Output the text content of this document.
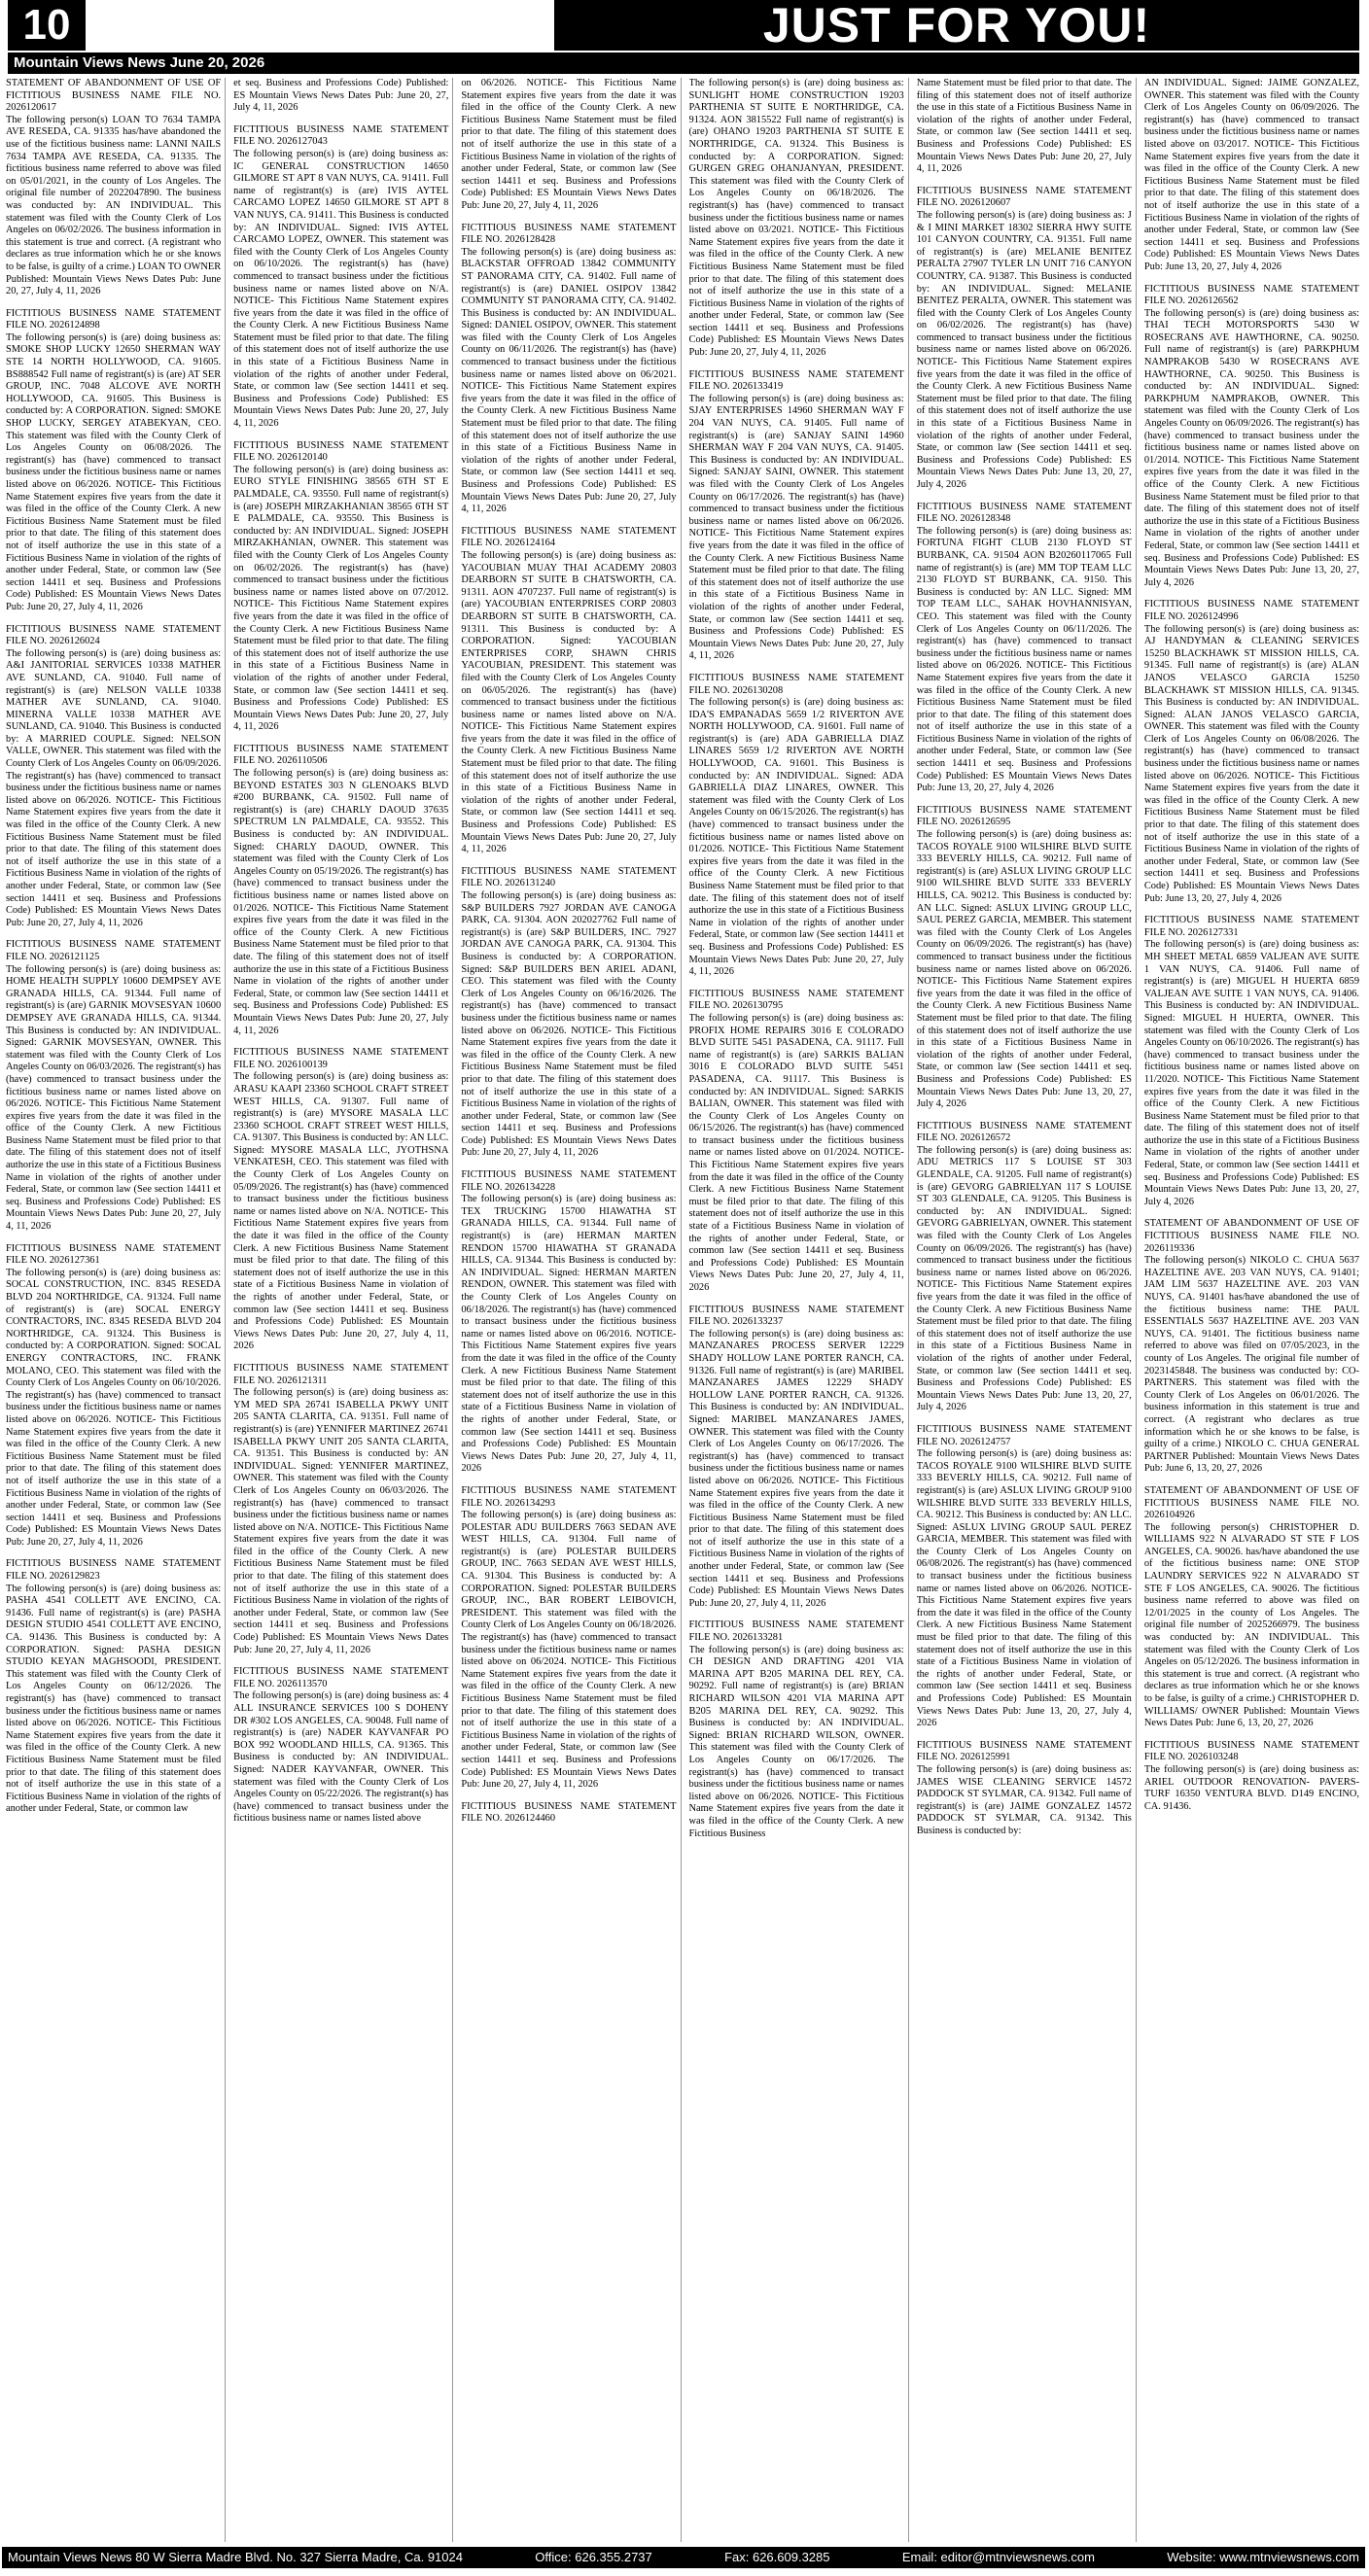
10	JUST FOR YOU!
Mountain Views News June 20, 2026
STATEMENT OF ABANDONMENT OF USE OF FICTITIOUS BUSINESS NAME FILE NO. 2026120617
The following person(s) LOAN TO 7634 TAMPA AVE RESEDA, CA. 91335 has/have abandoned the use of the fictitious business name: LANNI NAILS 7634 TAMPA AVE RESEDA, CA. 91335. The fictitious business name referred to above was filed on 05/01/2021, in the county of Los Angeles. The original file number of 2022047890. The business was conducted by: AN INDIVIDUAL. This statement was filed with the County Clerk of Los Angeles on 06/02/2026. The business information in this statement is true and correct. (A registrant who declares as true information which he or she knows to be false, is guilty of a crime.) LOAN TO OWNER Published: Mountain Views News Dates Pub: June 20, 27, July 4, 11, 2026
FICTITIOUS BUSINESS NAME STATEMENT FILE NO. 2026124898
The following person(s) is (are) doing business as: SMOKE SHOP LUCKY 12650 SHERMAN WAY STE 14 NORTH HOLLYWOOD, CA. 91605. BS888542 Full name of registrant(s) is (are) AT SER GROUP, INC. 7048 ALCOVE AVE NORTH HOLLYWOOD, CA. 91605. This Business is conducted by: A CORPORATION. Signed: SMOKE SHOP LUCKY, SERGEY ATABEKYAN, CEO. This statement was filed with the County Clerk of Los Angeles County on 06/08/2026. The registrant(s) has (have) commenced to transact business under the fictitious business name or names listed above on 06/2026. NOTICE- This Fictitious Name Statement expires five years from the date it was filed in the office of the County Clerk. A new Fictitious Business Name Statement must be filed prior to that date. The filing of this statement does not of itself authorize the use in this state of a Fictitious Business Name in violation of the rights of another under Federal, State, or common law (See section 14411 et seq. Business and Professions Code) Published: ES Mountain Views News Dates Pub: June 20, 27, July 4, 11, 2026
FICTITIOUS BUSINESS NAME STATEMENT FILE NO. 2026126024
The following person(s) is (are) doing business as: A&I JANITORIAL SERVICES 10338 MATHER AVE SUNLAND, CA. 91040. Full name of registrant(s) is (are) NELSON VALLE 10338 MATHER AVE SUNLAND, CA. 91040. MINERNA VALLE 10338 MATHER AVE SUNLAND, CA. 91040. This Business is conducted by: A MARRIED COUPLE. Signed: NELSON VALLE, OWNER. This statement was filed with the County Clerk of Los Angeles County on 06/09/2026. The registrant(s) has (have) commenced to transact business under the fictitious business name or names listed above on 06/2026. NOTICE- This Fictitious Name Statement expires five years from the date it was filed in the office of the County Clerk. A new Fictitious Business Name Statement must be filed prior to that date. The filing of this statement does not of itself authorize the use in this state of a Fictitious Business Name in violation of the rights of another under Federal, State, or common law (See section 14411 et seq. Business and Professions Code) Published: ES Mountain Views News Dates Pub: June 20, 27, July 4, 11, 2026
FICTITIOUS BUSINESS NAME STATEMENT FILE NO. 2026121125
The following person(s) is (are) doing business as: HOME HEALTH SUPPLY 10600 DEMPSEY AVE GRANADA HILLS, CA. 91344. Full name of registrant(s) is (are) GARNIK MOVSESYAN 10600 DEMPSEY AVE GRANADA HILLS, CA. 91344. This Business is conducted by: AN INDIVIDUAL. Signed: GARNIK MOVSESYAN, OWNER. This statement was filed with the County Clerk of Los Angeles County on 06/03/2026. The registrant(s) has (have) commenced to transact business under the fictitious business name or names listed above on 06/2026. NOTICE- This Fictitious Name Statement expires five years from the date it was filed in the office of the County Clerk. A new Fictitious Business Name Statement must be filed prior to that date. The filing of this statement does not of itself authorize the use in this state of a Fictitious Business Name in violation of the rights of another under Federal, State, or common law (See section 14411 et seq. Business and Professions Code) Published: ES Mountain Views News Dates Pub: June 20, 27, July 4, 11, 2026
FICTITIOUS BUSINESS NAME STATEMENT FILE NO. 2026127361
The following person(s) is (are) doing business as: SOCAL CONSTRUCTION, INC. 8345 RESEDA BLVD 204 NORTHRIDGE, CA. 91324. Full name of registrant(s) is (are) SOCAL ENERGY CONTRACTORS, INC. 8345 RESEDA BLVD 204 NORTHRIDGE, CA. 91324. This Business is conducted by: A CORPORATION. Signed: SOCAL ENERGY CONTRACTORS, INC. FRANK MOLANO, CEO. This statement was filed with the County Clerk of Los Angeles County on 06/10/2026. The registrant(s) has (have) commenced to transact business under the fictitious business name or names listed above on 06/2026. NOTICE- This Fictitious Name Statement expires five years from the date it was filed in the office of the County Clerk. A new Fictitious Business Name Statement must be filed prior to that date. The filing of this statement does not of itself authorize the use in this state of a Fictitious Business Name in violation of the rights of another under Federal, State, or common law (See section 14411 et seq. Business and Professions Code) Published: ES Mountain Views News Dates Pub: June 20, 27, July 4, 11, 2026
FICTITIOUS BUSINESS NAME STATEMENT FILE NO. 2026129823
The following person(s) is (are) doing business as: PASHA 4541 COLLETT AVE ENCINO, CA. 91436. Full name of registrant(s) is (are) PASHA DESIGN STUDIO 4541 COLLETT AVE ENCINO, CA. 91436. This Business is conducted by: A CORPORATION. Signed: PASHA DESIGN STUDIO KEYAN MAGHSOODI, PRESIDENT. This statement was filed with the County Clerk of Los Angeles County on 06/12/2026. The registrant(s) has (have) commenced to transact business under the fictitious business name or names listed above on 06/2026. NOTICE- This Fictitious Name Statement expires five years from the date it was filed in the office of the County Clerk. A new Fictitious Business Name Statement must be filed prior to that date. The filing of this statement does not of itself authorize the use in this state of a Fictitious Business Name in violation of the rights of another under Federal, State, or common law
et seq. Business and Professions Code) Published: ES Mountain Views News Dates Pub: June 20, 27, July 4, 11, 2026
FICTITIOUS BUSINESS NAME STATEMENT FILE NO. 2026127043
The following person(s) is (are) doing business as: IC GENERAL CONSTRUCTION 14650 GILMORE ST APT 8 VAN NUYS, CA. 91411. Full name of registrant(s) is (are) IVIS AYTEL CARCAMO LOPEZ 14650 GILMORE ST APT 8 VAN NUYS, CA. 91411. This Business is conducted by: AN INDIVIDUAL. Signed: IVIS AYTEL CARCAMO LOPEZ, OWNER. This statement was filed with the County Clerk of Los Angeles County on 06/10/2026. The registrant(s) has (have) commenced to transact business under the fictitious business name or names listed above on N/A. NOTICE- This Fictitious Name Statement expires five years from the date it was filed in the office of the County Clerk. A new Fictitious Business Name Statement must be filed prior to that date. The filing of this statement does not of itself authorize the use in this state of a Fictitious Business Name in violation of the rights of another under Federal, State, or common law (See section 14411 et seq. Business and Professions Code) Published: ES Mountain Views News Dates Pub: June 20, 27, July 4, 11, 2026
FICTITIOUS BUSINESS NAME STATEMENT FILE NO. 2026120140
The following person(s) is (are) doing business as: EURO STYLE FINISHING 38565 6TH ST E PALMDALE, CA. 93550. Full name of registrant(s) is (are) JOSEPH MIRZAKHANIAN 38565 6TH ST E PALMDALE, CA. 93550. This Business is conducted by: AN INDIVIDUAL. Signed: JOSEPH MIRZAKHANIAN, OWNER. This statement was filed with the County Clerk of Los Angeles County on 06/02/2026. The registrant(s) has (have) commenced to transact business under the fictitious business name or names listed above on 07/2012. NOTICE- This Fictitious Name Statement expires five years from the date it was filed in the office of the County Clerk. A new Fictitious Business Name Statement must be filed prior to that date. The filing of this statement does not of itself authorize the use in this state of a Fictitious Business Name in violation of the rights of another under Federal, State, or common law (See section 14411 et seq. Business and Professions Code) Published: ES Mountain Views News Dates Pub: June 20, 27, July 4, 11, 2026
FICTITIOUS BUSINESS NAME STATEMENT FILE NO. 2026110506
The following person(s) is (are) doing business as: BEYOND ESTATES 303 N GLENOAKS BLVD #200 BURBANK, CA. 91502. Full name of registrant(s) is (are) CHARLY DAOUD 37635 SPECTRUM LN PALMDALE, CA. 93552. This Business is conducted by: AN INDIVIDUAL. Signed: CHARLY DAOUD, OWNER. This statement was filed with the County Clerk of Los Angeles County on 05/19/2026. The registrant(s) has (have) commenced to transact business under the fictitious business name or names listed above on 01/2026. NOTICE- This Fictitious Name Statement expires five years from the date it was filed in the office of the County Clerk. A new Fictitious Business Name Statement must be filed prior to that date. The filing of this statement does not of itself authorize the use in this state of a Fictitious Business Name in violation of the rights of another under Federal, State, or common law (See section 14411 et seq. Business and Professions Code) Published: ES Mountain Views News Dates Pub: June 20, 27, July 4, 11, 2026
FICTITIOUS BUSINESS NAME STATEMENT FILE NO. 2026100139
The following person(s) is (are) doing business as: ARASU KAAPI 23360 SCHOOL CRAFT STREET WEST HILLS, CA. 91307. Full name of registrant(s) is (are) MYSORE MASALA LLC 23360 SCHOOL CRAFT STREET WEST HILLS, CA. 91307. This Business is conducted by: AN LLC. Signed: MYSORE MASALA LLC, JYOTHSNA VENKATESH, CEO. This statement was filed with the County Clerk of Los Angeles County on 05/09/2026. The registrant(s) has (have) commenced to transact business under the fictitious business name or names listed above on N/A. NOTICE- This Fictitious Name Statement expires five years from the date it was filed in the office of the County Clerk. A new Fictitious Business Name Statement must be filed prior to that date. The filing of this statement does not of itself authorize the use in this state of a Fictitious Business Name in violation of the rights of another under Federal, State, or common law (See section 14411 et seq. Business and Professions Code) Published: ES Mountain Views News Dates Pub: June 20, 27, July 4, 11, 2026
FICTITIOUS BUSINESS NAME STATEMENT FILE NO. 2026121311
The following person(s) is (are) doing business as: YM MED SPA 26741 ISABELLA PKWY UNIT 205 SANTA CLARITA, CA. 91351. Full name of registrant(s) is (are) YENNIFER MARTINEZ 26741 ISABELLA PKWY UNIT 205 SANTA CLARITA, CA. 91351. This Business is conducted by: AN INDIVIDUAL. Signed: YENNIFER MARTINEZ, OWNER. This statement was filed with the County Clerk of Los Angeles County on 06/03/2026. The registrant(s) has (have) commenced to transact business under the fictitious business name or names listed above on N/A. NOTICE- This Fictitious Name Statement expires five years from the date it was filed in the office of the County Clerk. A new Fictitious Business Name Statement must be filed prior to that date. The filing of this statement does not of itself authorize the use in this state of a Fictitious Business Name in violation of the rights of another under Federal, State, or common law (See section 14411 et seq. Business and Professions Code) Published: ES Mountain Views News Dates Pub: June 20, 27, July 4, 11, 2026
FICTITIOUS BUSINESS NAME STATEMENT FILE NO. 2026113570
The following person(s) is (are) doing business as: 4 ALL INSURANCE SERVICES 100 S DOHENY DR #302 LOS ANGELES, CA. 90048. Full name of registrant(s) is (are) NADER KAYVANFAR PO BOX 992 WOODLAND HILLS, CA. 91365. This Business is conducted by: AN INDIVIDUAL. Signed: NADER KAYVANFAR, OWNER. This statement was filed with the County Clerk of Los Angeles County on 05/22/2026. The registrant(s) has (have) commenced to transact business under the fictitious business name or names listed above
on 06/2026. NOTICE- This Fictitious Name Statement expires five years from the date it was filed in the office of the County Clerk. A new Fictitious Business Name Statement must be filed prior to that date. The filing of this statement does not of itself authorize the use in this state of a Fictitious Business Name in violation of the rights of another under Federal, State, or common law (See section 14411 et seq. Business and Professions Code) Published: ES Mountain Views News Dates Pub: June 20, 27, July 4, 11, 2026
FICTITIOUS BUSINESS NAME STATEMENT FILE NO. 2026128428
The following person(s) is (are) doing business as: BLACKSTAR OFFROAD 13842 COMMUNITY ST PANORAMA CITY, CA. 91402. Full name of registrant(s) is (are) DANIEL OSIPOV 13842 COMMUNITY ST PANORAMA CITY, CA. 91402. This Business is conducted by: AN INDIVIDUAL. Signed: DANIEL OSIPOV, OWNER. This statement was filed with the County Clerk of Los Angeles County on 06/11/2026. The registrant(s) has (have) commenced to transact business under the fictitious business name or names listed above on 06/2021. NOTICE- This Fictitious Name Statement expires five years from the date it was filed in the office of the County Clerk. A new Fictitious Business Name Statement must be filed prior to that date. The filing of this statement does not of itself authorize the use in this state of a Fictitious Business Name in violation of the rights of another under Federal, State, or common law (See section 14411 et seq. Business and Professions Code) Published: ES Mountain Views News Dates Pub: June 20, 27, July 4, 11, 2026
FICTITIOUS BUSINESS NAME STATEMENT FILE NO. 2026124164
The following person(s) is (are) doing business as: YACOUBIAN MUAY THAI ACADEMY 20803 DEARBORN ST SUITE B CHATSWORTH, CA. 91311. AON 4707237. Full name of registrant(s) is (are) YACOUBIAN ENTERPRISES CORP 20803 DEARBORN ST SUITE B CHATSWORTH, CA. 91311. This Business is conducted by: A CORPORATION. Signed: YACOUBIAN ENTERPRISES CORP, SHAWN CHRIS YACOUBIAN, PRESIDENT. This statement was filed with the County Clerk of Los Angeles County on 06/05/2026. The registrant(s) has (have) commenced to transact business under the fictitious business name or names listed above on N/A. NOTICE- This Fictitious Name Statement expires five years from the date it was filed in the office of the County Clerk. A new Fictitious Business Name Statement must be filed prior to that date. The filing of this statement does not of itself authorize the use in this state of a Fictitious Business Name in violation of the rights of another under Federal, State, or common law (See section 14411 et seq. Business and Professions Code) Published: ES Mountain Views News Dates Pub: June 20, 27, July 4, 11, 2026
FICTITIOUS BUSINESS NAME STATEMENT FILE NO. 2026131240
The following person(s) is (are) doing business as: S&P BUILDERS 7927 JORDAN AVE CANOGA PARK, CA. 91304. AON 202027762 Full name of registrant(s) is (are) S&P BUILDERS, INC. 7927 JORDAN AVE CANOGA PARK, CA. 91304. This Business is conducted by: A CORPORATION. Signed: S&P BUILDERS BEN ARIEL ADANI, CEO. This statement was filed with the County Clerk of Los Angeles County on 06/16/2026. The registrant(s) has (have) commenced to transact business under the fictitious business name or names listed above on 06/2026. NOTICE- This Fictitious Name Statement expires five years from the date it was filed in the office of the County Clerk. A new Fictitious Business Name Statement must be filed prior to that date. The filing of this statement does not of itself authorize the use in this state of a Fictitious Business Name in violation of the rights of another under Federal, State, or common law (See section 14411 et seq. Business and Professions Code) Published: ES Mountain Views News Dates Pub: June 20, 27, July 4, 11, 2026
FICTITIOUS BUSINESS NAME STATEMENT FILE NO. 2026134228
The following person(s) is (are) doing business as: TEX TRUCKING 15700 HIAWATHA ST GRANADA HILLS, CA. 91344. Full name of registrant(s) is (are) HERMAN MARTEN RENDON 15700 HIAWATHA ST GRANADA HILLS, CA. 91344. This Business is conducted by: AN INDIVIDUAL. Signed: HERMAN MARTEN RENDON, OWNER. This statement was filed with the County Clerk of Los Angeles County on 06/18/2026. The registrant(s) has (have) commenced to transact business under the fictitious business name or names listed above on 06/2016. NOTICE- This Fictitious Name Statement expires five years from the date it was filed in the office of the County Clerk. A new Fictitious Business Name Statement must be filed prior to that date. The filing of this statement does not of itself authorize the use in this state of a Fictitious Business Name in violation of the rights of another under Federal, State, or common law (See section 14411 et seq. Business and Professions Code) Published: ES Mountain Views News Dates Pub: June 20, 27, July 4, 11, 2026
FICTITIOUS BUSINESS NAME STATEMENT FILE NO. 2026134293
The following person(s) is (are) doing business as: POLESTAR ADU BUILDERS 7663 SEDAN AVE WEST HILLS, CA. 91304. Full name of registrant(s) is (are) POLESTAR BUILDERS GROUP, INC. 7663 SEDAN AVE WEST HILLS, CA. 91304. This Business is conducted by: A CORPORATION. Signed: POLESTAR BUILDERS GROUP, INC., BAR ROBERT LEIBOVICH, PRESIDENT. This statement was filed with the County Clerk of Los Angeles County on 06/18/2026. The registrant(s) has (have) commenced to transact business under the fictitious business name or names listed above on 06/2024. NOTICE- This Fictitious Name Statement expires five years from the date it was filed in the office of the County Clerk. A new Fictitious Business Name Statement must be filed prior to that date. The filing of this statement does not of itself authorize the use in this state of a Fictitious Business Name in violation of the rights of another under Federal, State, or common law (See section 14411 et seq. Business and Professions Code) Published: ES Mountain Views News Dates Pub: June 20, 27, July 4, 11, 2026
FICTITIOUS BUSINESS NAME STATEMENT FILE NO. 2026124460
The following person(s) is (are) doing business as: SUNLIGHT HOME CONSTRUCTION 19203 PARTHENIA ST SUITE E NORTHRIDGE, CA. 91324. AON 3815522 Full name of registrant(s) is (are) OHANO 19203 PARTHENIA ST SUITE E NORTHRIDGE, CA. 91324. This Business is conducted by: A CORPORATION. Signed: GURGEN GREG OHANJANYAN, PRESIDENT. This statement was filed with the County Clerk of Los Angeles County on 06/18/2026. The registrant(s) has (have) commenced to transact business under the fictitious business name or names listed above on 03/2021. NOTICE- This Fictitious Name Statement expires five years from the date it was filed in the office of the County Clerk. A new Fictitious Business Name Statement must be filed prior to that date. The filing of this statement does not of itself authorize the use in this state of a Fictitious Business Name in violation of the rights of another under Federal, State, or common law (See section 14411 et seq. Business and Professions Code) Published: ES Mountain Views News Dates Pub: June 20, 27, July 4, 11, 2026
FICTITIOUS BUSINESS NAME STATEMENT FILE NO. 2026133419
The following person(s) is (are) doing business as: SJAY ENTERPRISES 14960 SHERMAN WAY F 204 VAN NUYS, CA. 91405. Full name of registrant(s) is (are) SANJAY SAINI 14960 SHERMAN WAY F 204 VAN NUYS, CA. 91405. This Business is conducted by: AN INDIVIDUAL. Signed: SANJAY SAINI, OWNER. This statement was filed with the County Clerk of Los Angeles County on 06/17/2026. The registrant(s) has (have) commenced to transact business under the fictitious business name or names listed above on 06/2026. NOTICE- This Fictitious Name Statement expires five years from the date it was filed in the office of the County Clerk. A new Fictitious Business Name Statement must be filed prior to that date. The filing of this statement does not of itself authorize the use in this state of a Fictitious Business Name in violation of the rights of another under Federal, State, or common law (See section 14411 et seq. Business and Professions Code) Published: ES Mountain Views News Dates Pub: June 20, 27, July 4, 11, 2026
FICTITIOUS BUSINESS NAME STATEMENT FILE NO. 2026130208
The following person(s) is (are) doing business as: IDA'S EMPANADAS 5659 1/2 RIVERTON AVE NORTH HOLLYWOOD, CA. 91601. Full name of registrant(s) is (are) ADA GABRIELLA DIAZ LINARES 5659 1/2 RIVERTON AVE NORTH HOLLYWOOD, CA. 91601. This Business is conducted by: AN INDIVIDUAL. Signed: ADA GABRIELLA DIAZ LINARES, OWNER. This statement was filed with the County Clerk of Los Angeles County on 06/15/2026. The registrant(s) has (have) commenced to transact business under the fictitious business name or names listed above on 01/2026. NOTICE- This Fictitious Name Statement expires five years from the date it was filed in the office of the County Clerk. A new Fictitious Business Name Statement must be filed prior to that date. The filing of this statement does not of itself authorize the use in this state of a Fictitious Business Name in violation of the rights of another under Federal, State, or common law (See section 14411 et seq. Business and Professions Code) Published: ES Mountain Views News Dates Pub: June 20, 27, July 4, 11, 2026
FICTITIOUS BUSINESS NAME STATEMENT FILE NO. 2026130795
The following person(s) is (are) doing business as: PROFIX HOME REPAIRS 3016 E COLORADO BLVD SUITE 5451 PASADENA, CA. 91117. Full name of registrant(s) is (are) SARKIS BALIAN 3016 E COLORADO BLVD SUITE 5451 PASADENA, CA. 91117. This Business is conducted by: AN INDIVIDUAL. Signed: SARKIS BALIAN, OWNER. This statement was filed with the County Clerk of Los Angeles County on 06/15/2026. The registrant(s) has (have) commenced to transact business under the fictitious business name or names listed above on 01/2024. NOTICE- This Fictitious Name Statement expires five years from the date it was filed in the office of the County Clerk. A new Fictitious Business Name Statement must be filed prior to that date. The filing of this statement does not of itself authorize the use in this state of a Fictitious Business Name in violation of the rights of another under Federal, State, or common law (See section 14411 et seq. Business and Professions Code) Published: ES Mountain Views News Dates Pub: June 20, 27, July 4, 11, 2026
FICTITIOUS BUSINESS NAME STATEMENT FILE NO. 2026133237
The following person(s) is (are) doing business as: MANZANARES PROCESS SERVER 12229 SHADY HOLLOW LANE PORTER RANCH, CA. 91326. Full name of registrant(s) is (are) MARIBEL MANZANARES JAMES 12229 SHADY HOLLOW LANE PORTER RANCH, CA. 91326. This Business is conducted by: AN INDIVIDUAL. Signed: MARIBEL MANZANARES JAMES, OWNER. This statement was filed with the County Clerk of Los Angeles County on 06/17/2026. The registrant(s) has (have) commenced to transact business under the fictitious business name or names listed above on 06/2026. NOTICE- This Fictitious Name Statement expires five years from the date it was filed in the office of the County Clerk. A new Fictitious Business Name Statement must be filed prior to that date. The filing of this statement does not of itself authorize the use in this state of a Fictitious Business Name in violation of the rights of another under Federal, State, or common law (See section 14411 et seq. Business and Professions Code) Published: ES Mountain Views News Dates Pub: June 20, 27, July 4, 11, 2026
FICTITIOUS BUSINESS NAME STATEMENT FILE NO. 2026133281
The following person(s) is (are) doing business as: CH DESIGN AND DRAFTING 4201 VIA MARINA APT B205 MARINA DEL REY, CA. 90292. Full name of registrant(s) is (are) BRIAN RICHARD WILSON 4201 VIA MARINA APT B205 MARINA DEL REY, CA. 90292. This Business is conducted by: AN INDIVIDUAL. Signed: BRIAN RICHARD WILSON, OWNER. This statement was filed with the County Clerk of Los Angeles County on 06/17/2026. The registrant(s) has (have) commenced to transact business under the fictitious business name or names listed above on 06/2026. NOTICE- This Fictitious Name Statement expires five years from the date it was filed in the office of the County Clerk. A new Fictitious Business
Name Statement must be filed prior to that date. The filing of this statement does not of itself authorize the use in this state of a Fictitious Business Name in violation of the rights of another under Federal, State, or common law (See section 14411 et seq. Business and Professions Code) Published: ES Mountain Views News Dates Pub: June 20, 27, July 4, 11, 2026
FICTITIOUS BUSINESS NAME STATEMENT FILE NO. 2026120607
The following person(s) is (are) doing business as: J & I MINI MARKET 18302 SIERRA HWY SUITE 101 CANYON COUNTRY, CA. 91351. Full name of registrant(s) is (are) MELANIE BENITEZ PERALTA 27907 TYLER LN UNIT 716 CANYON COUNTRY, CA. 91387. This Business is conducted by: AN INDIVIDUAL. Signed: MELANIE BENITEZ PERALTA, OWNER. This statement was filed with the County Clerk of Los Angeles County on 06/02/2026. The registrant(s) has (have) commenced to transact business under the fictitious business name or names listed above on 06/2026. NOTICE- This Fictitious Name Statement expires five years from the date it was filed in the office of the County Clerk. A new Fictitious Business Name Statement must be filed prior to that date. The filing of this statement does not of itself authorize the use in this state of a Fictitious Business Name in violation of the rights of another under Federal, State, or common law (See section 14411 et seq. Business and Professions Code) Published: ES Mountain Views News Dates Pub: June 13, 20, 27, July 4, 2026
FICTITIOUS BUSINESS NAME STATEMENT FILE NO. 2026128348
The following person(s) is (are) doing business as: FORTUNA FIGHT CLUB 2130 FLOYD ST BURBANK, CA. 91504 AON B20260117065 Full name of registrant(s) is (are) MM TOP TEAM LLC 2130 FLOYD ST BURBANK, CA. 9150. This Business is conducted by: AN LLC. Signed: MM TOP TEAM LLC., SAHAK HOVHANNISYAN, CEO. This statement was filed with the County Clerk of Los Angeles County on 06/11/2026. The registrant(s) has (have) commenced to transact business under the fictitious business name or names listed above on 06/2026. NOTICE- This Fictitious Name Statement expires five years from the date it was filed in the office of the County Clerk. A new Fictitious Business Name Statement must be filed prior to that date. The filing of this statement does not of itself authorize the use in this state of a Fictitious Business Name in violation of the rights of another under Federal, State, or common law (See section 14411 et seq. Business and Professions Code) Published: ES Mountain Views News Dates Pub: June 13, 20, 27, July 4, 2026
FICTITIOUS BUSINESS NAME STATEMENT FILE NO. 2026126595
The following person(s) is (are) doing business as: TACOS ROYALE 9100 WILSHIRE BLVD SUITE 333 BEVERLY HILLS, CA. 90212. Full name of registrant(s) is (are) ASLUX LIVING GROUP LLC 9100 WILSHIRE BLVD SUITE 333 BEVERLY HILLS, CA. 90212. This Business is conducted by: AN LLC. Signed: ASLUX LIVING GROUP LLC, SAUL PEREZ GARCIA, MEMBER. This statement was filed with the County Clerk of Los Angeles County on 06/09/2026. The registrant(s) has (have) commenced to transact business under the fictitious business name or names listed above on 06/2026. NOTICE- This Fictitious Name Statement expires five years from the date it was filed in the office of the County Clerk. A new Fictitious Business Name Statement must be filed prior to that date. The filing of this statement does not of itself authorize the use in this state of a Fictitious Business Name in violation of the rights of another under Federal, State, or common law (See section 14411 et seq. Business and Professions Code) Published: ES Mountain Views News Dates Pub: June 13, 20, 27, July 4, 2026
FICTITIOUS BUSINESS NAME STATEMENT FILE NO. 2026126572
The following person(s) is (are) doing business as: ADU METRICS 117 S LOUISE ST 303 GLENDALE, CA. 91205. Full name of registrant(s) is (are) GEVORG GABRIELYAN 117 S LOUISE ST 303 GLENDALE, CA. 91205. This Business is conducted by: AN INDIVIDUAL. Signed: GEVORG GABRIELYAN, OWNER. This statement was filed with the County Clerk of Los Angeles County on 06/09/2026. The registrant(s) has (have) commenced to transact business under the fictitious business name or names listed above on 06/2026. NOTICE- This Fictitious Name Statement expires five years from the date it was filed in the office of the County Clerk. A new Fictitious Business Name Statement must be filed prior to that date. The filing of this statement does not of itself authorize the use in this state of a Fictitious Business Name in violation of the rights of another under Federal, State, or common law (See section 14411 et seq. Business and Professions Code) Published: ES Mountain Views News Dates Pub: June 13, 20, 27, July 4, 2026
FICTITIOUS BUSINESS NAME STATEMENT FILE NO. 2026124757
The following person(s) is (are) doing business as: TACOS ROYALE 9100 WILSHIRE BLVD SUITE 333 BEVERLY HILLS, CA. 90212. Full name of registrant(s) is (are) ASLUX LIVING GROUP 9100 WILSHIRE BLVD SUITE 333 BEVERLY HILLS, CA. 90212. This Business is conducted by: AN LLC. Signed: ASLUX LIVING GROUP SAUL PEREZ GARCIA, MEMBER. This statement was filed with the County Clerk of Los Angeles County on 06/08/2026. The registrant(s) has (have) commenced to transact business under the fictitious business name or names listed above on 06/2026. NOTICE- This Fictitious Name Statement expires five years from the date it was filed in the office of the County Clerk. A new Fictitious Business Name Statement must be filed prior to that date. The filing of this statement does not of itself authorize the use in this state of a Fictitious Business Name in violation of the rights of another under Federal, State, or common law (See section 14411 et seq. Business and Professions Code) Published: ES Mountain Views News Dates Pub: June 13, 20, 27, July 4, 2026
FICTITIOUS BUSINESS NAME STATEMENT FILE NO. 2026125991
The following person(s) is (are) doing business as: JAMES WISE CLEANING SERVICE 14572 PADDOCK ST SYLMAR, CA. 91342. Full name of registrant(s) is (are) JAIME GONZALEZ 14572 PADDOCK ST SYLMAR, CA. 91342. This Business is conducted by:
AN INDIVIDUAL. Signed: JAIME GONZALEZ, OWNER. This statement was filed with the County Clerk of Los Angeles County on 06/09/2026. The registrant(s) has (have) commenced to transact business under the fictitious business name or names listed above on 03/2017. NOTICE- This Fictitious Name Statement expires five years from the date it was filed in the office of the County Clerk. A new Fictitious Business Name Statement must be filed prior to that date. The filing of this statement does not of itself authorize the use in this state of a Fictitious Business Name in violation of the rights of another under Federal, State, or common law (See section 14411 et seq. Business and Professions Code) Published: ES Mountain Views News Dates Pub: June 13, 20, 27, July 4, 2026
FICTITIOUS BUSINESS NAME STATEMENT FILE NO. 2026126562
The following person(s) is (are) doing business as: THAI TECH MOTORSPORTS 5430 W ROSECRANS AVE HAWTHORNE, CA. 90250. Full name of registrant(s) is (are) PARKPHUM NAMPRAKOB 5430 W ROSECRANS AVE HAWTHORNE, CA. 90250. This Business is conducted by: AN INDIVIDUAL. Signed: PARKPHUM NAMPRAKOB, OWNER. This statement was filed with the County Clerk of Los Angeles County on 06/09/2026. The registrant(s) has (have) commenced to transact business under the fictitious business name or names listed above on 01/2014. NOTICE- This Fictitious Name Statement expires five years from the date it was filed in the office of the County Clerk. A new Fictitious Business Name Statement must be filed prior to that date. The filing of this statement does not of itself authorize the use in this state of a Fictitious Business Name in violation of the rights of another under Federal, State, or common law (See section 14411 et seq. Business and Professions Code) Published: ES Mountain Views News Dates Pub: June 13, 20, 27, July 4, 2026
FICTITIOUS BUSINESS NAME STATEMENT FILE NO. 2026124996
The following person(s) is (are) doing business as: AJ HANDYMAN & CLEANING SERVICES 15250 BLACKHAWK ST MISSION HILLS, CA. 91345. Full name of registrant(s) is (are) ALAN JANOS VELASCO GARCIA 15250 BLACKHAWK ST MISSION HILLS, CA. 91345. This Business is conducted by: AN INDIVIDUAL. Signed: ALAN JANOS VELASCO GARCIA, OWNER. This statement was filed with the County Clerk of Los Angeles County on 06/08/2026. The registrant(s) has (have) commenced to transact business under the fictitious business name or names listed above on 06/2026. NOTICE- This Fictitious Name Statement expires five years from the date it was filed in the office of the County Clerk. A new Fictitious Business Name Statement must be filed prior to that date. The filing of this statement does not of itself authorize the use in this state of a Fictitious Business Name in violation of the rights of another under Federal, State, or common law (See section 14411 et seq. Business and Professions Code) Published: ES Mountain Views News Dates Pub: June 13, 20, 27, July 4, 2026
FICTITIOUS BUSINESS NAME STATEMENT FILE NO. 2026127331
The following person(s) is (are) doing business as: MH SHEET METAL 6859 VALJEAN AVE SUITE 1 VAN NUYS, CA. 91406. Full name of registrant(s) is (are) MIGUEL H HUERTA 6859 VALJEAN AVE SUITE 1 VAN NUYS, CA. 91406. This Business is conducted by: AN INDIVIDUAL. Signed: MIGUEL H HUERTA, OWNER. This statement was filed with the County Clerk of Los Angeles County on 06/10/2026. The registrant(s) has (have) commenced to transact business under the fictitious business name or names listed above on 11/2020. NOTICE- This Fictitious Name Statement expires five years from the date it was filed in the office of the County Clerk. A new Fictitious Business Name Statement must be filed prior to that date. The filing of this statement does not of itself authorize the use in this state of a Fictitious Business Name in violation of the rights of another under Federal, State, or common law (See section 14411 et seq. Business and Professions Code) Published: ES Mountain Views News Dates Pub: June 13, 20, 27, July 4, 2026
STATEMENT OF ABANDONMENT OF USE OF FICTITIOUS BUSINESS NAME FILE NO. 2026119336
The following person(s) NIKOLO C. CHUA 5637 HAZELTINE AVE. 203 VAN NUYS, CA. 91401; JAM LIM 5637 HAZELTINE AVE. 203 VAN NUYS, CA. 91401 has/have abandoned the use of the fictitious business name: THE PAUL ESSENTIALS 5637 HAZELTINE AVE. 203 VAN NUYS, CA. 91401. The fictitious business name referred to above was filed on 07/05/2023, in the county of Los Angeles. The original file number of 2023145848. The business was conducted by: CO-PARTNERS. This statement was filed with the County Clerk of Los Angeles on 06/01/2026. The business information in this statement is true and correct. (A registrant who declares as true information which he or she knows to be false, is guilty of a crime.) NIKOLO C. CHUA GENERAL PARTNER Published: Mountain Views News Dates Pub: June 6, 13, 20, 27, 2026
STATEMENT OF ABANDONMENT OF USE OF FICTITIOUS BUSINESS NAME FILE NO. 2026104926
The following person(s) CHRISTOPHER D. WILLIAMS 922 N ALVARADO ST STE F LOS ANGELES, CA. 90026. has/have abandoned the use of the fictitious business name: ONE STOP LAUNDRY SERVICES 922 N ALVARADO ST STE F LOS ANGELES, CA. 90026. The fictitious business name referred to above was filed on 12/01/2025 in the county of Los Angeles. The original file number of 2025266979. The business was conducted by: AN INDIVIDUAL. This statement was filed with the County Clerk of Los Angeles on 05/12/2026. The business information in this statement is true and correct. (A registrant who declares as true information which he or she knows to be false, is guilty of a crime.) CHRISTOPHER D. WILLIAMS/ OWNER Published: Mountain Views News Dates Pub: June 6, 13, 20, 27, 2026
FICTITIOUS BUSINESS NAME STATEMENT FILE NO. 2026103248
The following person(s) is (are) doing business as: ARIEL OUTDOOR RENOVATION- PAVERS- TURF 16350 VENTURA BLVD. D149 ENCINO, CA. 91436.
Mountain Views News 80 W Sierra Madre Blvd. No. 327 Sierra Madre, Ca. 91024	Office: 626.355.2737	Fax: 626.609.3285	Email: editor@mtnviewsnews.com	Website: www.mtnviewsnews.com
